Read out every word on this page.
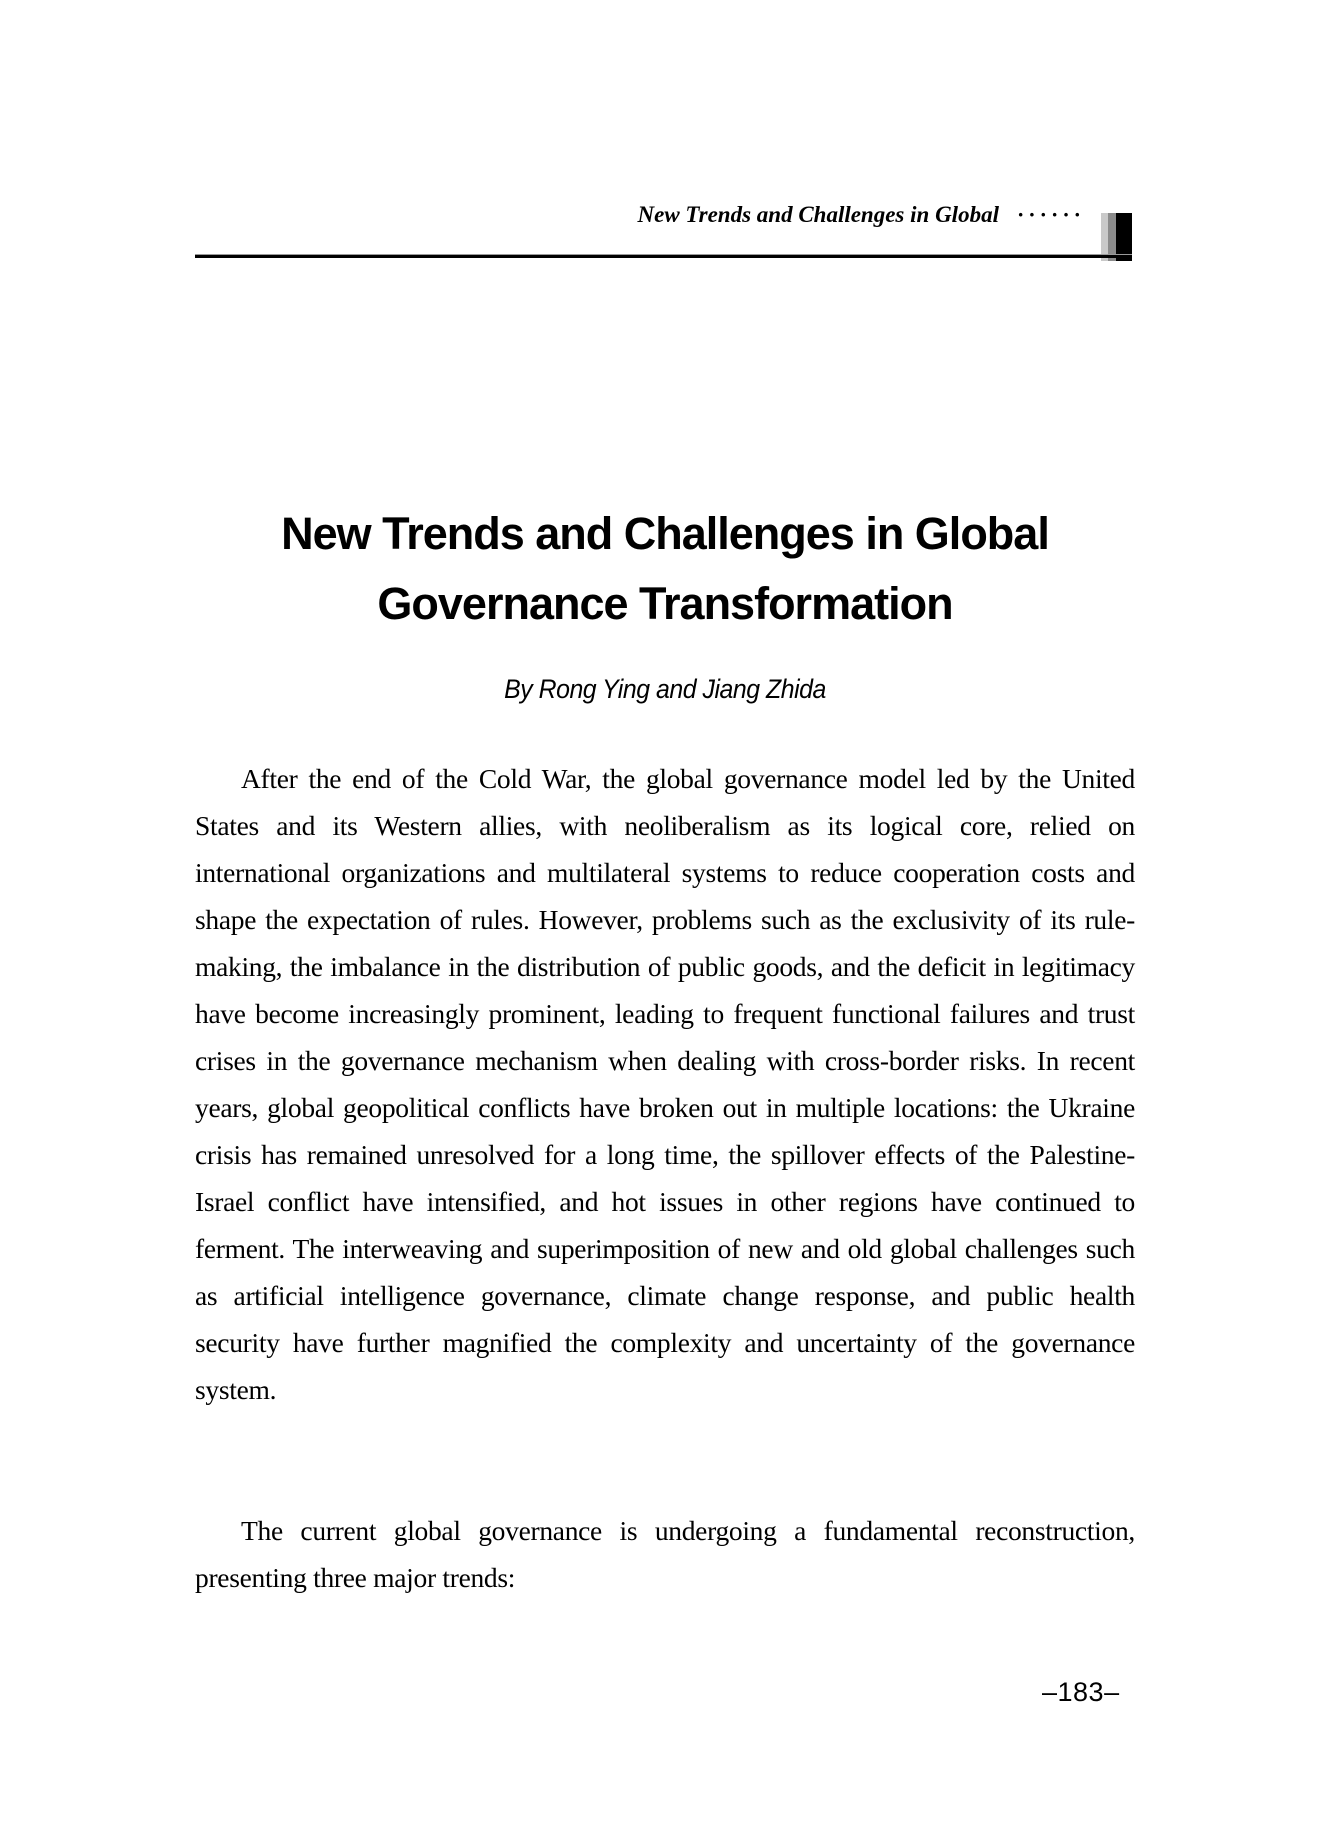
New Trends and Challenges in Global ······
New Trends and Challenges in Global
Governance Transformation
By Rong Ying and Jiang Zhida

After the end of the Cold War, the global governance model led by the United States and its Western allies, with neoliberalism as its logical core, relied on international organizations and multilateral systems to reduce cooperation costs and shape the expectation of rules. However, problems such as the exclusivity of its rule-making, the imbalance in the distribution of public goods, and the deficit in legitimacy have become increasingly prominent, leading to frequent functional failures and trust crises in the governance mechanism when dealing with cross-border risks. In recent years, global geopolitical conflicts have broken out in multiple locations: the Ukraine crisis has remained unresolved for a long time, the spillover effects of the Palestine-Israel conflict have intensified, and hot issues in other regions have continued to ferment. The interweaving and superimposition of new and old global challenges such as artificial intelligence governance, climate change response, and public health security have further magnified the complexity and uncertainty of the governance system.

The current global governance is undergoing a fundamental reconstruction, presenting three major trends:

–183–
